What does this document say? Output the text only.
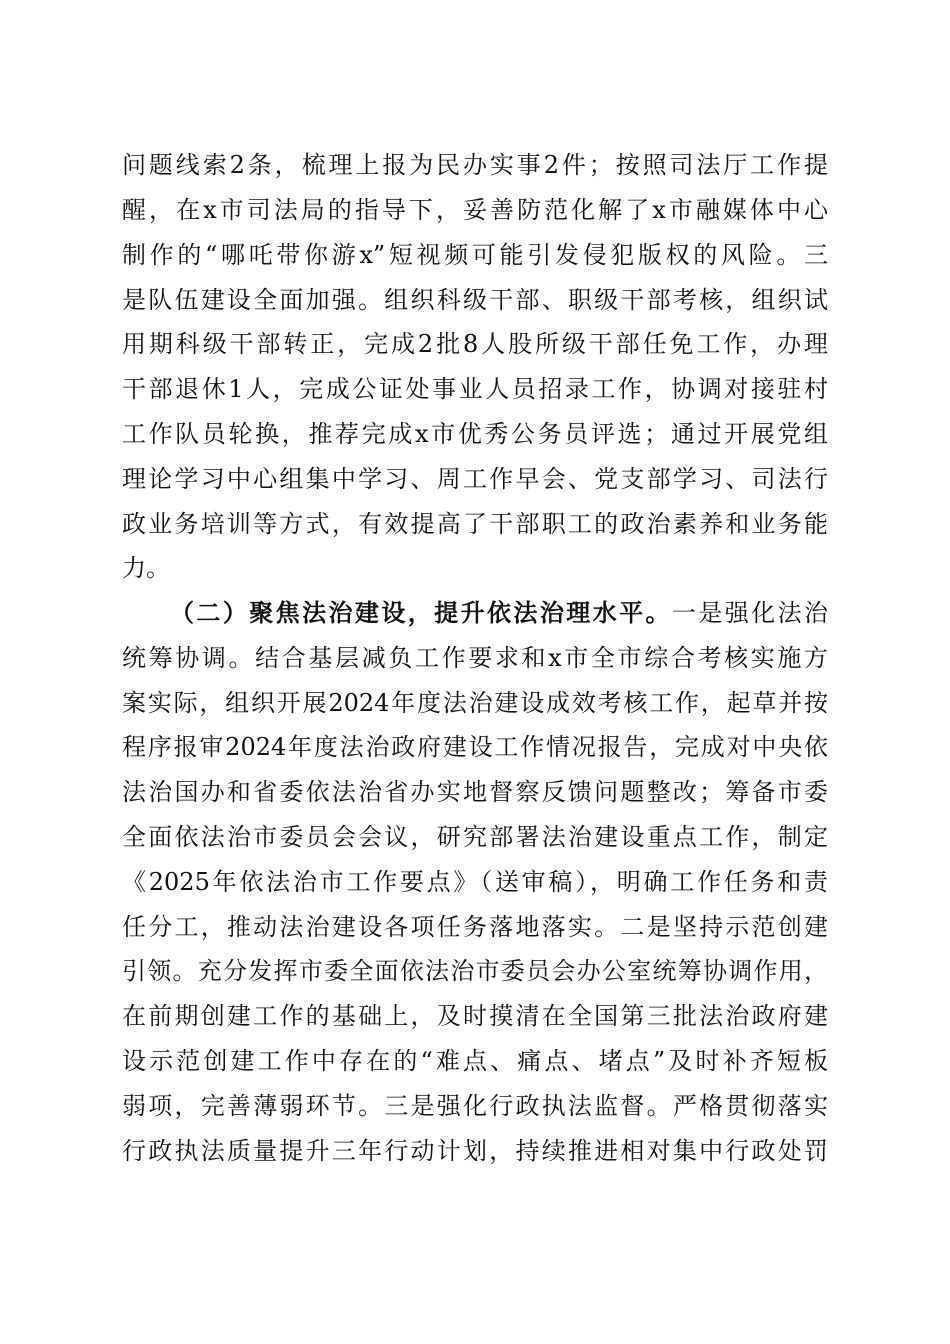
问题线索2条，梳理上报为民办实事2件；按照司法厅工作提
醒，在x市司法局的指导下，妥善防范化解了x市融媒体中心
制作的“哪吒带你游x”短视频可能引发侵犯版权的风险。三
是队伍建设全面加强。组织科级干部、职级干部考核，组织试
用期科级干部转正，完成2批8人股所级干部任免工作，办理
干部退休1人，完成公证处事业人员招录工作，协调对接驻村
工作队员轮换，推荐完成x市优秀公务员评选；通过开展党组
理论学习中心组集中学习、周工作早会、党支部学习、司法行
政业务培训等方式，有效提高了干部职工的政治素养和业务能
力。
（二）聚焦法治建设，提升依法治理水平。一是强化法治
统筹协调。结合基层减负工作要求和x市全市综合考核实施方
案实际，组织开展2024年度法治建设成效考核工作，起草并按
程序报审2024年度法治政府建设工作情况报告，完成对中央依
法治国办和省委依法治省办实地督察反馈问题整改；筹备市委
全面依法治市委员会会议，研究部署法治建设重点工作，制定
《2025年依法治市工作要点》（送审稿），明确工作任务和责
任分工，推动法治建设各项任务落地落实。二是坚持示范创建
引领。充分发挥市委全面依法治市委员会办公室统筹协调作用，
在前期创建工作的基础上，及时摸清在全国第三批法治政府建
设示范创建工作中存在的“难点、痛点、堵点”及时补齐短板
弱项，完善薄弱环节。三是强化行政执法监督。严格贯彻落实
行政执法质量提升三年行动计划，持续推进相对集中行政处罚
